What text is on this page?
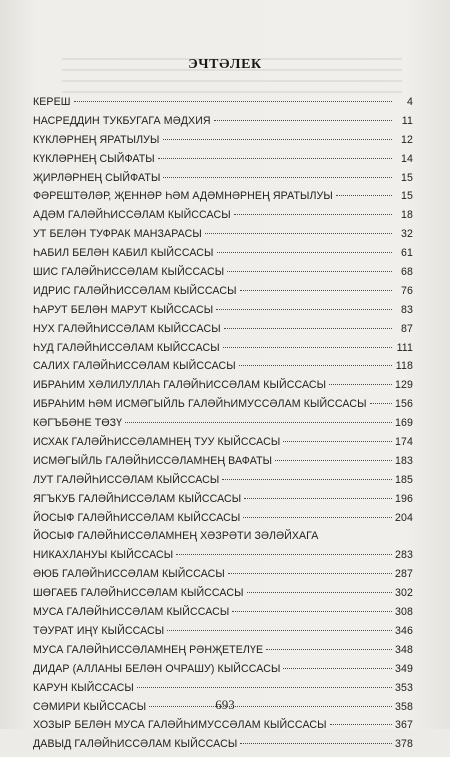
ЭЧТӘЛЕК
КЕРЕШ	4
НАСРЕДДИН ТУКБУГАГА МӘДХИЯ	11
КҮКЛӘРНЕҢ ЯРАТЫЛУЫ	12
КҮКЛӘРНЕҢ СЫЙФАТЫ	14
ҖИРЛӘРНЕҢ СЫЙФАТЫ	15
ФӘРЕШТӘЛӘР, ҖЕННӘР ҺӘМ АДӘМНӘРНЕҢ ЯРАТЫЛУЫ	15
АДӘМ ГАЛӘЙҺИССӘЛАМ КЫЙССАСЫ	18
УТ БЕЛӘН ТУФРАК МАНЗАРАСЫ	32
ҺАБИЛ БЕЛӘН КАБИЛ КЫЙССАСЫ	61
ШИС ГАЛӘЙҺИССӘЛАМ КЫЙССАСЫ	68
ИДРИС ГАЛӘЙҺИССӘЛАМ КЫЙССАСЫ	76
ҺАРУТ БЕЛӘН МАРУТ КЫЙССАСЫ	83
НУХ ГАЛӘЙҺИССӘЛАМ КЫЙССАСЫ	87
ҺУД ГАЛӘЙҺИССӘЛАМ КЫЙССАСЫ	111
САЛИХ ГАЛӘЙҺИССӘЛАМ КЫЙССАСЫ	118
ИБРАҺИМ ХӘЛИЛУЛЛАҺ ГАЛӘЙҺИССӘЛАМ КЫЙССАСЫ	129
ИБРАҺИМ ҺӘМ ИСМӘГЫЙЛЬ ГАЛӘЙҺИМУССӘЛАМ КЫЙССАСЫ	156
КӘГЪБӘНЕ ТӨЗҮ	169
ИСХАК ГАЛӘЙҺИССӘЛАМНЕҢ ТУУ КЫЙССАСЫ	174
ИСМӘГЫЙЛЬ ГАЛӘЙҺИССӘЛАМНЕҢ ВАФАТЫ	183
ЛУТ ГАЛӘЙҺИССӘЛАМ КЫЙССАСЫ	185
ЯГЪКУБ ГАЛӘЙҺИССӘЛАМ КЫЙССАСЫ	196
ЙОСЫФ ГАЛӘЙҺИССӘЛАМ КЫЙССАСЫ	204
ЙОСЫФ ГАЛӘЙҺИССӘЛАМНЕҢ ХӘЗРӘТИ ЗӘЛӘЙХАГА
НИКАХЛАНУЫ КЫЙССАСЫ	283
ӘЮБ ГАЛӘЙҺИССӘЛАМ КЫЙССАСЫ	287
ШӨГАЕБ ГАЛӘЙҺИССӘЛАМ КЫЙССАСЫ	302
МУСА ГАЛӘЙҺИССӘЛАМ КЫЙССАСЫ	308
ТӘУРАТ ИҢҮ КЫЙССАСЫ	346
МУСА ГАЛӘЙҺИССӘЛАМНЕҢ РӘНҖЕТЕЛҮЕ	348
ДИДАР (АЛЛАНЫ БЕЛӘН ОЧРАШУ) КЫЙССАСЫ	349
КАРУН КЫЙССАСЫ	353
СӘМИРИ КЫЙССАСЫ	358
ХОЗЫР БЕЛӘН МУСА ГАЛӘЙҺИМУССӘЛАМ КЫЙССАСЫ	367
ДАВЫД ГАЛӘЙҺИССӘЛАМ КЫЙССАСЫ	378
693
